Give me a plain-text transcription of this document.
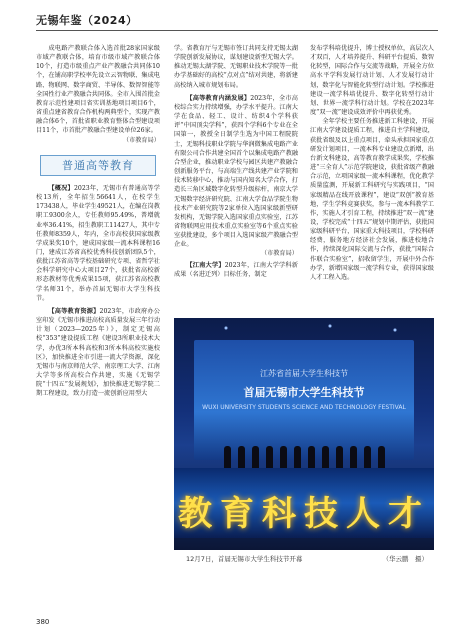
无锡年鉴（2024）

成电路产教联合体入选首批28家国家级市域产教联合体，培育市级市域产教联合体10个，打造市级重点产业产教融合共同体10个，在铺高职学校率先设立云智物联、集成电路、物联网、数字商贸、半导体、数智智能等全国性行业产教融合共同体。全市入围首批金教育示范性建项目省实训基地项目项目6个，省重点建省教育合作机构两典型个，实现产教融合体6个，首批省职业教育整体合型建设项目11个，市首批产教融合型建设单位26家。

（市教育局）

普通高等教育

【概况】2023年，无锡市有普通高等学校13所，全年招生56641人，在校学生173438人，毕业学生49521人，在编在岗教职工9300余人，专任教师95.49%，普增就业率36.41%，招生教职工11427人，其中专任教师8359人，年内，全市高校获国家级教学成果奖10个，建成国家级一流本科课程16门，建成江苏省高校优秀科技创新团队5个，获批江苏省高等学校基础研究专项、省哲学社会科学研究中心大项目27个，获批省高校新形态教材等优秀成果15项，获江苏省高校教学名师31个，举办首届无锡市大学生科技节。

【高等教育资源】2023年，市政府办公室印发《无锡市推进高校高质量发展三年行动计划（2023—2025年）》，制定无锡高校“353”建设提质工程《建设3所职业技术大学，办优3所本科高校和3所本科高校实施校区》，加快推进全市引进一流大学资源，深化无锡市与南京师范大学、南京理工大学、江南大学等多所高校合作共建，实施《无锡学院“十四五”发展规划》，加快推进无锡学院二期工程建设，致力打造一流创新应用型大

学。省教育厅与无锡市签订共同支持无锡太湖学院创新发展协议，谋划建设新型无锡大学。推动无锡太湖学院、无锡职业技术学院等一批办学基础好的高校“点对点”结对共建，将新建高校纳入城市规划布局。

【高等教育内涵发展】2023年，全市高校综合实力持续增强，办学水平提升。江南大学在食品、轻工、设计、纺织4个学科获评“中国顶尖学科”，获四个学科6个专业在全国第一，教授全日制学生选为中国工程院院士，无锡科技职业学院与华润微集成电路产业有限公司合作共建全国首个以集成电路产教融合型企业，推动职业学校与园区共建产教融合创新服务平台，与高端生产线共建产业学院和技术转移中心，推动与国内知名大学合作，打造长三角区域数字化转型升级标杆，南京大学无锡数字经济研究院、江南大学食品学院生物技术产业研究院等2家单位入选国家级新型研发机构，无锡学院入选国家重点实验室，江苏省物联网应用技术重点实验室等6个重点实验室获批建设，多个项目入选国家级产教融合型企业。

（市教育局）

【江南大学】2023年，江南大学学科新成果（名进迁列）目标任务，制定

发布学科培优提升，博士授权单位，高层次人才双百，人才培养提升、科研平台提质、数智化转型，国际合作与交流等战略，开展全方位高水平学科发展行动计划、人才发展行动计划，数字化与智能化转型行动计划。学校推进建设一流学科培优提升、数字化转型行动计划、世界一流学科行动计划。学校在2023年度“双一流”建设成效评价中再获优秀。

全年学校主要任务推进新工科建设，开展江南大学建设提质工程，推进自主学科建设，获批省级及以上重点项目，牵头承担国家重点研发计划项目，一流本科专业建设点新增，出台新文科建设，高等教育教学成果奖，学校推进“三全育人”示范学院建设，获批省级产教融合示范，立项国家级一流本科课程，优化教学质量监测，开展新工科研究与实践项目，“国家级精品在线开放课程”，建设“双创”教育基地，学生学科竞赛获奖，参与一流本科教学工作，实施人才引育工程，持续推进“双一流”建设，学校完成“十四五”规划中期评估，获批国家级科研平台，国家重大科技项目，学校科研经费，服务地方经济社会发展，推进校地合作，持续深化国际交流与合作，获批“国际合作联合实验室”，招收留学生，开展中外合作办学，新增国家级一流学科专业，获得国家级人才工程入选。

江苏省首届大学生科技节
首届无锡市大学生科技节
WUXI UNIVERSITY STUDENTS SCIENCE AND TECHNOLOGY FESTIVAL
教育科技人才
12月7日，首届无锡市大学生科技节开幕	（华云鹏　摄）
380
